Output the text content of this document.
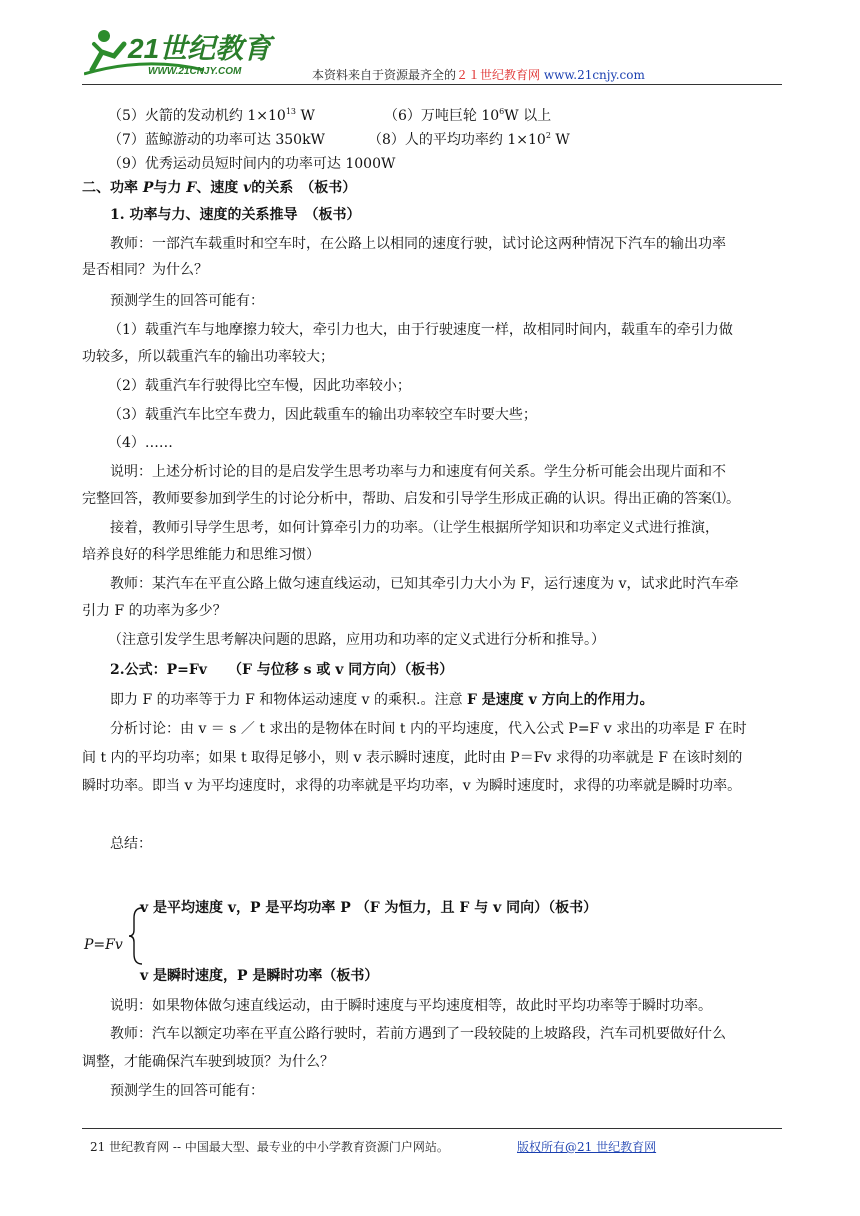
21世纪教育
WWW.21CNJY.COM	本资料来自于资源最齐全的２１世纪教育网 www.21cnjy.com
（5）火箭的发动机约 $1\times 10^{13}$ W	（6）万吨巨轮 $10^6W$ 以上
（7）蓝鲸游动的功率可达 350kW	（8）人的平均功率约 $1\times 10^2$ W
（9）优秀运动员短时间内的功率可达 1000W
二、功率 P与力 F、速度 v的关系　（板书）
1. 功率与力、速度的关系推导　（板书）
教师：一部汽车载重时和空车时，在公路上以相同的速度行驶，试讨论这两种情况下汽车的输出功率
是否相同？为什么？
预测学生的回答可能有：
（1）载重汽车与地摩擦力较大，牵引力也大，由于行驶速度一样，故相同时间内，载重车的牵引力做
功较多，所以载重汽车的输出功率较大；
（2）载重汽车行驶得比空车慢，因此功率较小；
（3）载重汽车比空车费力，因此载重车的输出功率较空车时要大些；
（4）……
说明：上述分析讨论的目的是启发学生思考功率与力和速度有何关系。学生分析可能会出现片面和不
完整回答，教师要参加到学生的讨论分析中，帮助、启发和引导学生形成正确的认识。得出正确的答案⑴。
接着，教师引导学生思考，如何计算牵引力的功率。（让学生根据所学知识和功率定义式进行推演，
培养良好的科学思维能力和思维习惯）
教师：某汽车在平直公路上做匀速直线运动，已知其牵引力大小为 F，运行速度为 v，试求此时汽车牵
引力 F 的功率为多少？
（注意引发学生思考解决问题的思路，应用功和功率的定义式进行分析和推导。）
2.公式：P=Fv　　（F 与位移 s 或 v 同方向）（板书）
即力 F 的功率等于力 F 和物体运动速度 v 的乘积.。注意 F 是速度 v 方向上的作用力。
分析讨论：由 v ＝ s ／ t 求出的是物体在时间 t 内的平均速度，代入公式 P=F v 求出的功率是 F 在时
间 t 内的平均功率；如果 t 取得足够小，则 v 表示瞬时速度，此时由 P＝Fv 求得的功率就是 F 在该时刻的
瞬时功率。即当 v 为平均速度时，求得的功率就是平均功率，v 为瞬时速度时，求得的功率就是瞬时功率。
总结：
v 是平均速度 v，P 是平均功率 P （F 为恒力，且 F 与 v 同向）（板书）
P=Fv
v 是瞬时速度，P 是瞬时功率（板书）
说明：如果物体做匀速直线运动，由于瞬时速度与平均速度相等，故此时平均功率等于瞬时功率。
教师：汽车以额定功率在平直公路行驶时，若前方遇到了一段较陡的上坡路段，汽车司机要做好什么
调整，才能确保汽车驶到坡顶？为什么？
预测学生的回答可能有：
21 世纪教育网 -- 中国最大型、最专业的中小学教育资源门户网站。	版权所有@21 世纪教育网
